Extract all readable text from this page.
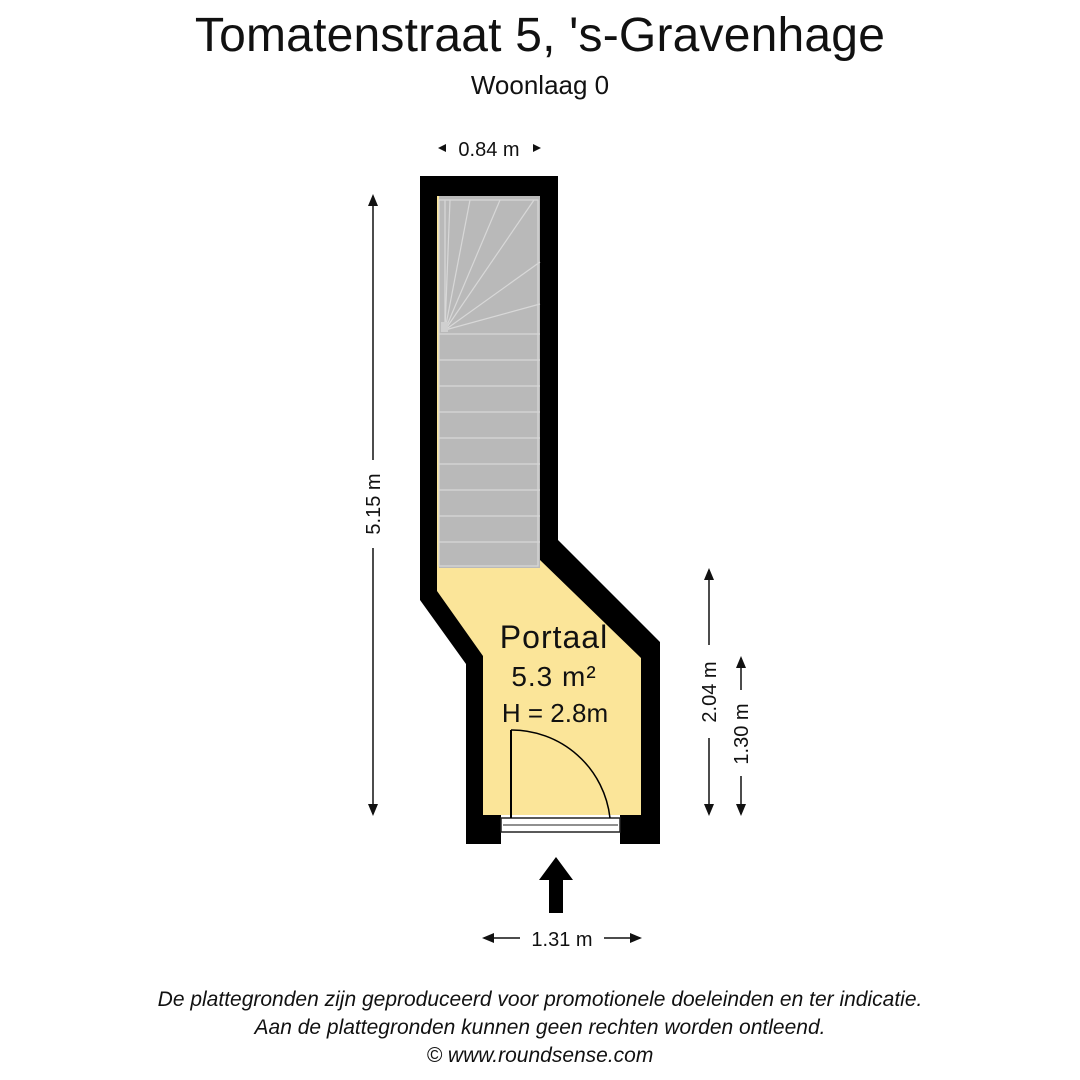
Tomatenstraat 5, 's-Gravenhage
Woonlaag 0
Portaal
5.3 m²
H = 2.8m
0.84 m
5.15 m
2.04 m
1.30 m
1.31 m
De plattegronden zijn geproduceerd voor promotionele doeleinden en ter indicatie.
Aan de plattegronden kunnen geen rechten worden ontleend.
© www.roundsense.com
